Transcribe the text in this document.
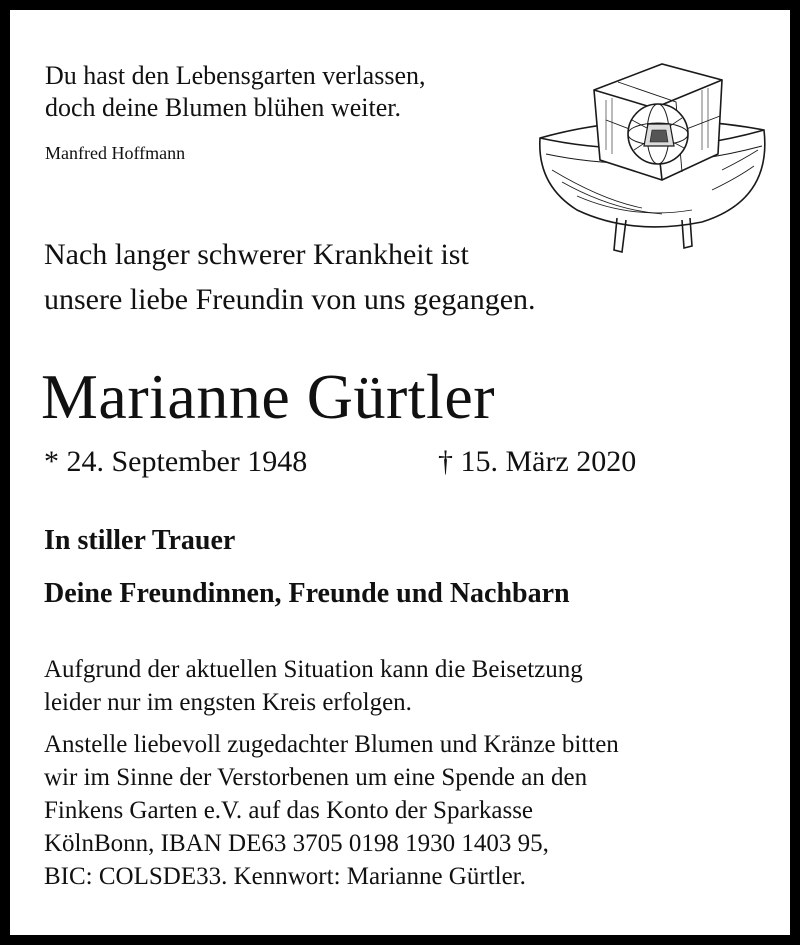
Du hast den Lebensgarten verlassen,
doch deine Blumen blühen weiter.
Manfred Hoffmann
Nach langer schwerer Krankheit ist
unsere liebe Freundin von uns gegangen.
Marianne Gürtler
* 24. September 1948	† 15. März 2020
In stiller Trauer
Deine Freundinnen, Freunde und Nachbarn
Aufgrund der aktuellen Situation kann die Beisetzung
leider nur im engsten Kreis erfolgen.
Anstelle liebevoll zugedachter Blumen und Kränze bitten
wir im Sinne der Verstorbenen um eine Spende an den
Finkens Garten e.V. auf das Konto der Sparkasse
KölnBonn, IBAN DE63 3705 0198 1930 1403 95,
BIC: COLSDE33. Kennwort: Marianne Gürtler.
